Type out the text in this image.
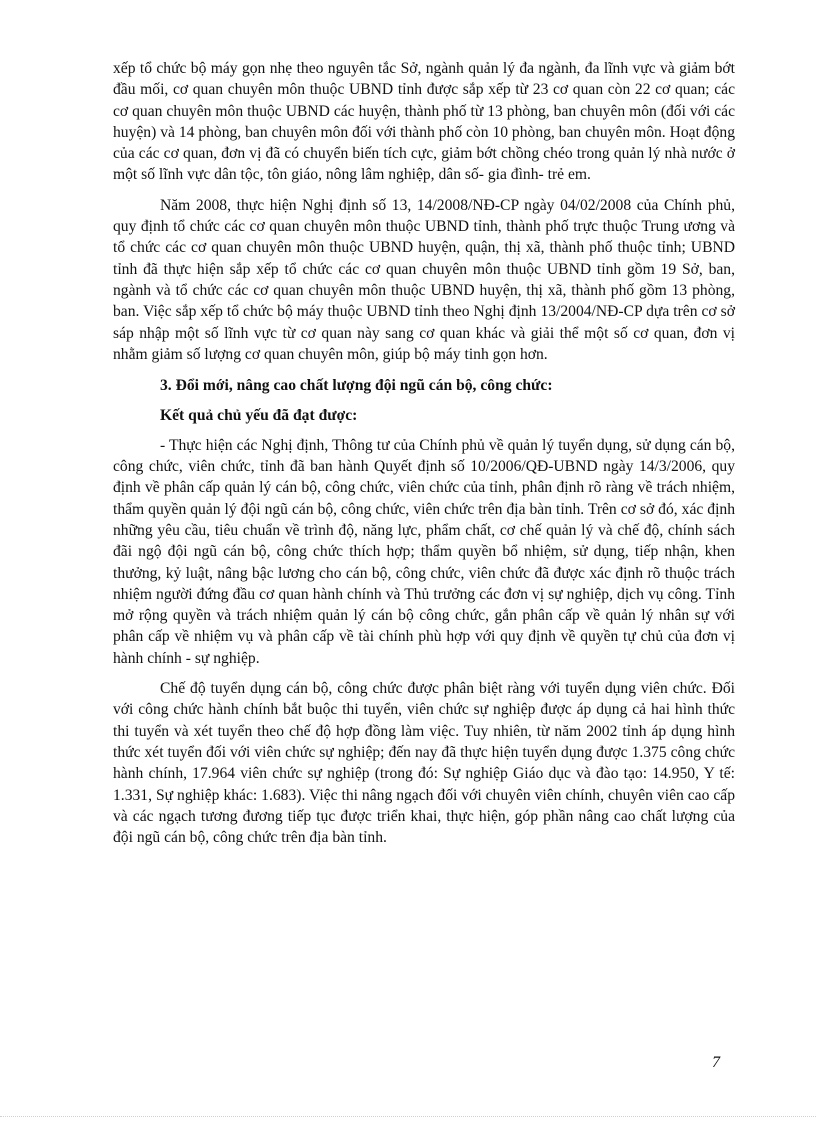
xếp tổ chức bộ máy gọn nhẹ theo nguyên tắc Sở, ngành quản lý đa ngành, đa lĩnh vực và giảm bớt đầu mối, cơ quan chuyên môn thuộc UBND tỉnh được sắp xếp từ 23 cơ quan còn 22 cơ quan; các cơ quan chuyên môn thuộc UBND các huyện, thành phố từ 13 phòng, ban chuyên môn (đối với các huyện) và 14 phòng, ban chuyên môn đối với thành phố còn 10 phòng, ban chuyên môn. Hoạt động của các cơ quan, đơn vị đã có chuyển biến tích cực, giảm bớt chồng chéo trong quản lý nhà nước ở một số lĩnh vực dân tộc, tôn giáo, nông lâm nghiệp, dân số- gia đình- trẻ em.

Năm 2008, thực hiện Nghị định số 13, 14/2008/NĐ-CP ngày 04/02/2008 của Chính phủ, quy định tổ chức các cơ quan chuyên môn thuộc UBND tỉnh, thành phố trực thuộc Trung ương và tổ chức các cơ quan chuyên môn thuộc UBND huyện, quận, thị xã, thành phố thuộc tỉnh; UBND tỉnh đã thực hiện sắp xếp tổ chức các cơ quan chuyên môn thuộc UBND tỉnh gồm 19 Sở, ban, ngành và tổ chức các cơ quan chuyên môn thuộc UBND huyện, thị xã, thành phố gồm 13 phòng, ban. Việc sắp xếp tổ chức bộ máy thuộc UBND tỉnh theo Nghị định 13/2004/NĐ-CP dựa trên cơ sở sáp nhập một số lĩnh vực từ cơ quan này sang cơ quan khác và giải thể một số cơ quan, đơn vị nhằm giảm số lượng cơ quan chuyên môn, giúp bộ máy tinh gọn hơn.

3. Đổi mới, nâng cao chất lượng đội ngũ cán bộ, công chức:

Kết quả chủ yếu đã đạt được:

- Thực hiện các Nghị định, Thông tư của Chính phủ về quản lý tuyển dụng, sử dụng cán bộ, công chức, viên chức, tỉnh đã ban hành Quyết định số 10/2006/QĐ-UBND ngày 14/3/2006, quy định về phân cấp quản lý cán bộ, công chức, viên chức của tỉnh, phân định rõ ràng về trách nhiệm, thẩm quyền quản lý đội ngũ cán bộ, công chức, viên chức trên địa bàn tỉnh. Trên cơ sở đó, xác định những yêu cầu, tiêu chuẩn về trình độ, năng lực, phẩm chất, cơ chế quản lý và chế độ, chính sách đãi ngộ đội ngũ cán bộ, công chức thích hợp; thẩm quyền bổ nhiệm, sử dụng, tiếp nhận, khen thưởng, kỷ luật, nâng bậc lương cho cán bộ, công chức, viên chức đã được xác định rõ thuộc trách nhiệm người đứng đầu cơ quan hành chính và Thủ trưởng các đơn vị sự nghiệp, dịch vụ công. Tỉnh mở rộng quyền và trách nhiệm quản lý cán bộ công chức, gắn phân cấp về quản lý nhân sự với phân cấp về nhiệm vụ và phân cấp về tài chính phù hợp với quy định về quyền tự chủ của đơn vị hành chính - sự nghiệp.

Chế độ tuyển dụng cán bộ, công chức được phân biệt ràng với tuyển dụng viên chức. Đối với công chức hành chính bắt buộc thi tuyển, viên chức sự nghiệp được áp dụng cả hai hình thức thi tuyển và xét tuyển theo chế độ hợp đồng làm việc. Tuy nhiên, từ năm 2002 tỉnh áp dụng hình thức xét tuyển đối với viên chức sự nghiệp; đến nay đã thực hiện tuyển dụng được 1.375 công chức hành chính, 17.964 viên chức sự nghiệp (trong đó: Sự nghiệp Giáo dục và đào tạo: 14.950, Y tế: 1.331, Sự nghiệp khác: 1.683). Việc thi nâng ngạch đối với chuyên viên chính, chuyên viên cao cấp và các ngạch tương đương tiếp tục được triển khai, thực hiện, góp phần nâng cao chất lượng của đội ngũ cán bộ, công chức trên địa bàn tỉnh.

7
